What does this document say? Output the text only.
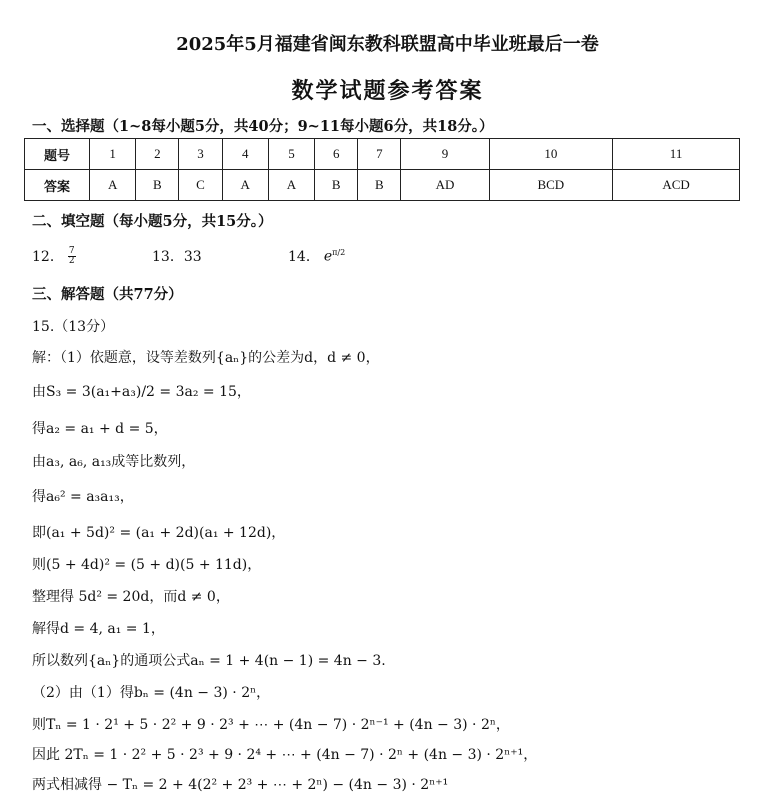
2025年5月福建省闽东教科联盟高中毕业班最后一卷
数学试题参考答案
一、选择题（1~8每小题5分，共40分；9~11每小题6分，共18分。）
题号	1	2	3	4	5	6	7	9	10	11
答案	A	B	C	A	A	B	B	AD	BCD	ACD
二、填空题（每小题5分，共15分。）
12． $\frac{7}{2}$	13．33	14． $e^{\pi/2}$
三、解答题（共77分）
15.（13分）
解：（1）依题意，设等差数列{aₙ}的公差为d，d ≠ 0，
由S₃ = 3(a₁+a₃)/2 = 3a₂ = 15，
得a₂ = a₁ + d = 5，
由a₃, a₆, a₁₃成等比数列，
得a₆² = a₃a₁₃，
即(a₁ + 5d)² = (a₁ + 2d)(a₁ + 12d)，
则(5 + 4d)² = (5 + d)(5 + 11d)，
整理得 5d² = 20d，而d ≠ 0，
解得d = 4, a₁ = 1，
所以数列{aₙ}的通项公式aₙ = 1 + 4(n − 1) = 4n − 3.
（2）由（1）得bₙ = (4n − 3) · 2ⁿ，
则Tₙ = 1 · 2¹ + 5 · 2² + 9 · 2³ + ⋯ + (4n − 7) · 2ⁿ⁻¹ + (4n − 3) · 2ⁿ，
因此 2Tₙ = 1 · 2² + 5 · 2³ + 9 · 2⁴ + ⋯ + (4n − 7) · 2ⁿ + (4n − 3) · 2ⁿ⁺¹，
两式相减得 − Tₙ = 2 + 4(2² + 2³ + ⋯ + 2ⁿ) − (4n − 3) · 2ⁿ⁺¹
